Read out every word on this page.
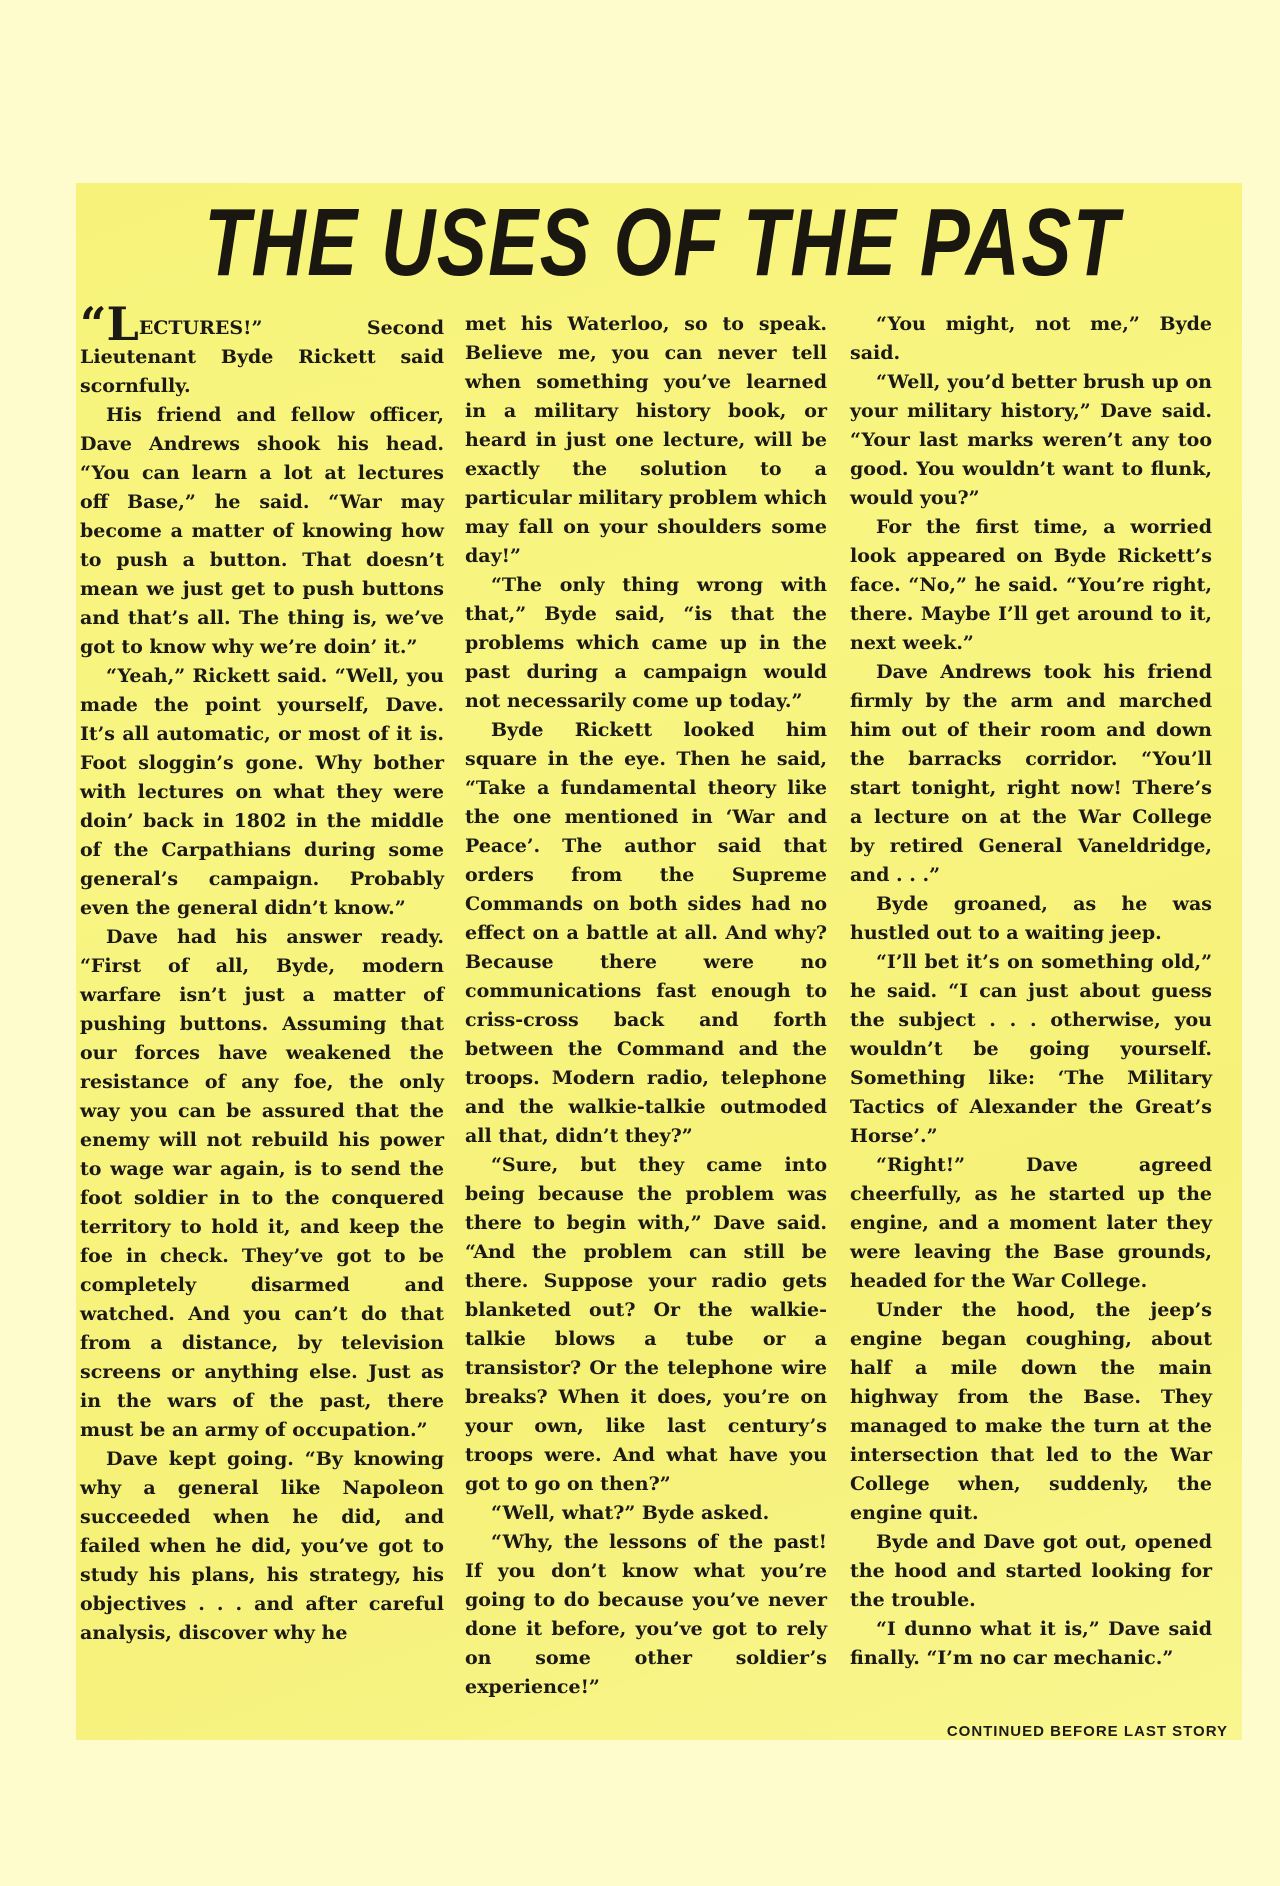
THE USES OF THE PAST

“LECTURES!” Second Lieutenant Byde Rickett said scornfully.

His friend and fellow officer, Dave Andrews shook his head. “You can learn a lot at lectures off Base,” he said. “War may become a matter of knowing how to push a button. That doesn’t mean we just get to push buttons and that’s all. The thing is, we’ve got to know why we’re doin’ it.”

“Yeah,” Rickett said. “Well, you made the point yourself, Dave. It’s all automatic, or most of it is. Foot sloggin’s gone. Why bother with lectures on what they were doin’ back in 1802 in the middle of the Carpathians during some general’s campaign. Probably even the general didn’t know.”

Dave had his answer ready. “First of all, Byde, modern warfare isn’t just a matter of pushing buttons. Assuming that our forces have weakened the resistance of any foe, the only way you can be assured that the enemy will not rebuild his power to wage war again, is to send the foot soldier in to the conquered territory to hold it, and keep the foe in check. They’ve got to be completely disarmed and watched. And you can’t do that from a distance, by television screens or anything else. Just as in the wars of the past, there must be an army of occupation.”

Dave kept going. “By knowing why a general like Napoleon succeeded when he did, and failed when he did, you’ve got to study his plans, his strategy, his objectives . . . and after careful analysis, discover why he

met his Waterloo, so to speak. Believe me, you can never tell when something you’ve learned in a military history book, or heard in just one lecture, will be exactly the solution to a particular military problem which may fall on your shoulders some day!”

“The only thing wrong with that,” Byde said, “is that the problems which came up in the past during a campaign would not necessarily come up today.”

Byde Rickett looked him square in the eye. Then he said, “Take a fundamental theory like the one mentioned in ‘War and Peace’. The author said that orders from the Supreme Commands on both sides had no effect on a battle at all. And why? Because there were no communications fast enough to criss-cross back and forth between the Command and the troops. Modern radio, telephone and the walkie-talkie outmoded all that, didn’t they?”

“Sure, but they came into being because the problem was there to begin with,” Dave said. “And the problem can still be there. Suppose your radio gets blanketed out? Or the walkie-talkie blows a tube or a transistor? Or the telephone wire breaks? When it does, you’re on your own, like last century’s troops were. And what have you got to go on then?”

“Well, what?” Byde asked.

“Why, the lessons of the past! If you don’t know what you’re going to do because you’ve never done it before, you’ve got to rely on some other soldier’s experience!”

“You might, not me,” Byde said.

“Well, you’d better brush up on your military history,” Dave said. “Your last marks weren’t any too good. You wouldn’t want to flunk, would you?”

For the first time, a worried look appeared on Byde Rickett’s face. “No,” he said. “You’re right, there. Maybe I’ll get around to it, next week.”

Dave Andrews took his friend firmly by the arm and marched him out of their room and down the barracks corridor. “You’ll start tonight, right now! There’s a lecture on at the War College by retired General Vaneldridge, and . . .”

Byde groaned, as he was hustled out to a waiting jeep.

“I’ll bet it’s on something old,” he said. “I can just about guess the subject . . . otherwise, you wouldn’t be going yourself. Something like: ‘The Military Tactics of Alexander the Great’s Horse’.”

“Right!” Dave agreed cheerfully, as he started up the engine, and a moment later they were leaving the Base grounds, headed for the War College.

Under the hood, the jeep’s engine began coughing, about half a mile down the main highway from the Base. They managed to make the turn at the intersection that led to the War College when, suddenly, the engine quit.

Byde and Dave got out, opened the hood and started looking for the trouble.

“I dunno what it is,” Dave said finally. “I’m no car mechanic.”

CONTINUED BEFORE LAST STORY
